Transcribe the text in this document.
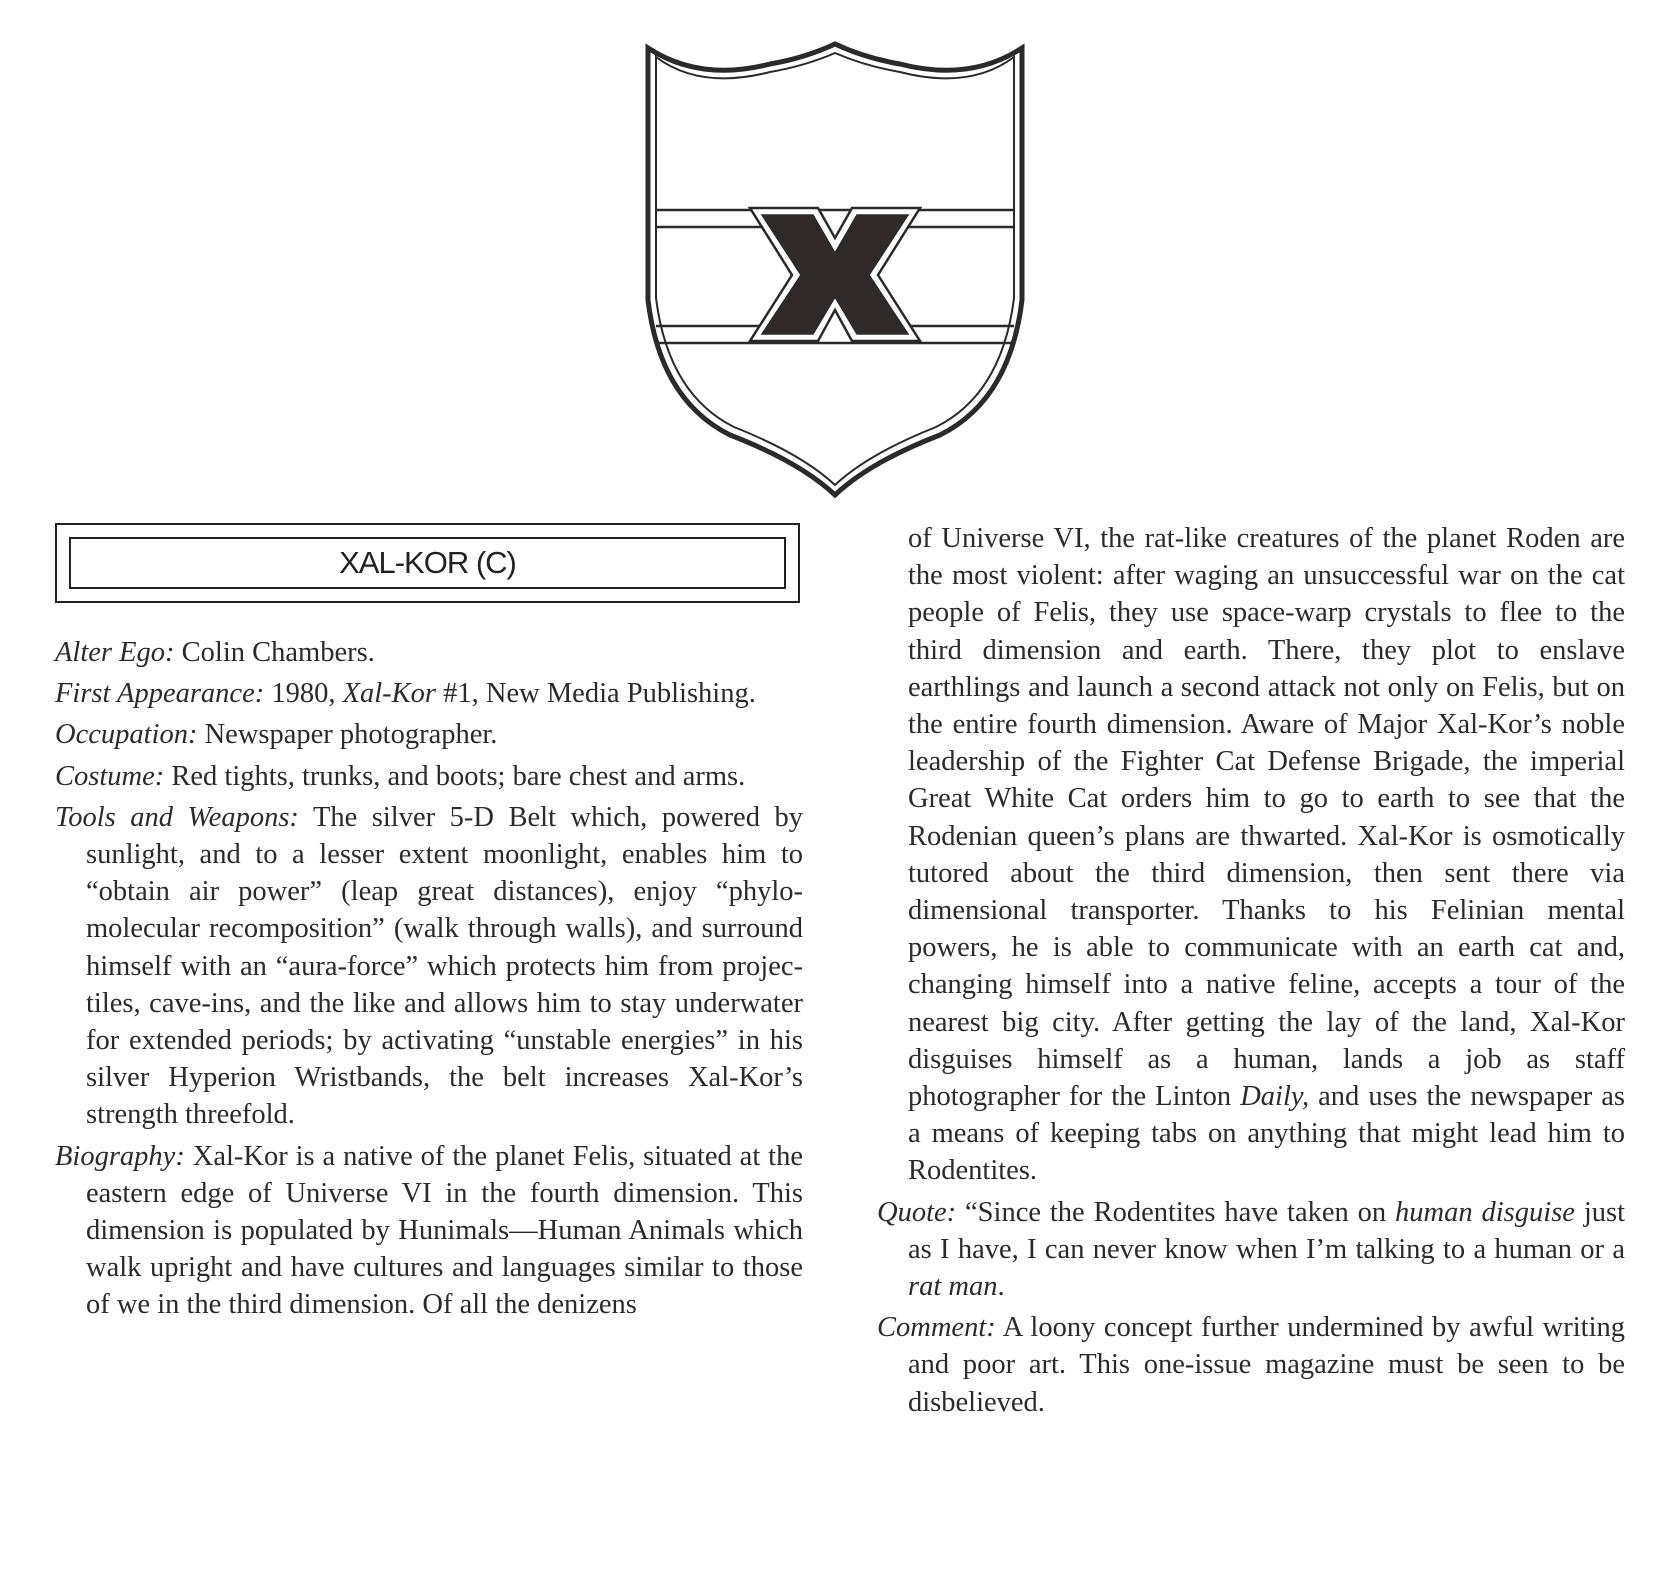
XAL-KOR (C)

Alter Ego: Colin Chambers.

First Appearance: 1980, Xal-Kor #1, New Media Publishing.

Occupation: Newspaper photographer.

Costume: Red tights, trunks, and boots; bare chest and arms.

Tools and Weapons: The silver 5-D Belt which, powered by sunlight, and to a lesser extent moonlight, enables him to “obtain air power” (leap great distances), enjoy “phylo-molecular recomposition” (walk through walls), and surround himself with an “aura-force” which protects him from projectiles, cave-ins, and the like and allows him to stay underwater for extended periods; by activating “unstable energies” in his silver Hyperion Wristbands, the belt increases Xal-Kor’s strength threefold.

Biography: Xal-Kor is a native of the planet Felis, situated at the eastern edge of Universe VI in the fourth dimension. This dimension is populated by Hunimals—Human Animals which walk upright and have cultures and languages similar to those of we in the third dimension. Of all the denizens

of Universe VI, the rat-like creatures of the planet Roden are the most violent: after waging an unsuccessful war on the cat people of Felis, they use space-warp crystals to flee to the third dimension and earth. There, they plot to enslave earthlings and launch a second attack not only on Felis, but on the entire fourth dimension. Aware of Major Xal-Kor’s noble leadership of the Fighter Cat Defense Brigade, the imperial Great White Cat orders him to go to earth to see that the Rodenian queen’s plans are thwarted. Xal-Kor is osmotically tutored about the third dimension, then sent there via dimensional transporter. Thanks to his Felinian mental powers, he is able to communicate with an earth cat and, changing himself into a native feline, accepts a tour of the nearest big city. After getting the lay of the land, Xal-Kor disguises himself as a human, lands a job as staff photographer for the Linton Daily, and uses the newspaper as a means of keeping tabs on anything that might lead him to Rodentites.

Quote: “Since the Rodentites have taken on human disguise just as I have, I can never know when I’m talking to a human or a rat man.

Comment: A loony concept further undermined by awful writing and poor art. This one-issue magazine must be seen to be disbelieved.
